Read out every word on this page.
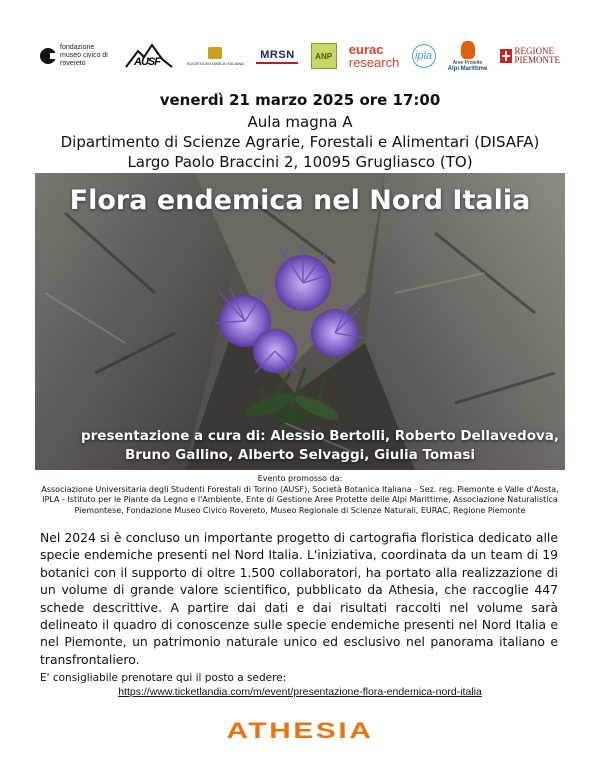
fondazione museo civico di rovereto	AUSF	SOCIETÀ BOTANICA ITALIANA
MRSN	ANP eurac
research ipla
Aree Protette
Alpi Marittime
REGIONE
PIEMONTE
venerdì 21 marzo 2025 ore 17:00
Aula magna A
Dipartimento di Scienze Agrarie, Forestali e Alimentari (DISAFA)
Largo Paolo Braccini 2, 10095 Grugliasco (TO)
Flora endemica nel Nord Italia
presentazione a cura di: Alessio Bertolli, Roberto Dellavedova,
Bruno Gallino, Alberto Selvaggi, Giulia Tomasi
Evento promosso da:
Associazione Universitaria degli Studenti Forestali di Torino (AUSF), Società Botanica Italiana - Sez. reg. Piemonte e Valle d'Aosta, IPLA - Istituto per le Piante da Legno e l'Ambiente, Ente di Gestione Aree Protette delle Alpi Marittime, Associazione Naturalistica Piemontese, Fondazione Museo Civico Rovereto, Museo Regionale di Scienze Naturali, EURAC, Regione Piemonte
Nel 2024 si è concluso un importante progetto di cartografia floristica dedicato alle specie endemiche presenti nel Nord Italia. L'iniziativa, coordinata da un team di 19 botanici con il supporto di oltre 1.500 collaboratori, ha portato alla realizzazione di un volume di grande valore scientifico, pubblicato da Athesia, che raccoglie 447 schede descrittive. A partire dai dati e dai risultati raccolti nel volume sarà delineato il quadro di conoscenze sulle specie endemiche presenti nel Nord Italia e nel Piemonte, un patrimonio naturale unico ed esclusivo nel panorama italiano e transfrontaliero.
E' consigliabile prenotare qui il posto a sedere:
https://www.ticketlandia.com/m/event/presentazione-flora-endemica-nord-italia
ATHESIA
